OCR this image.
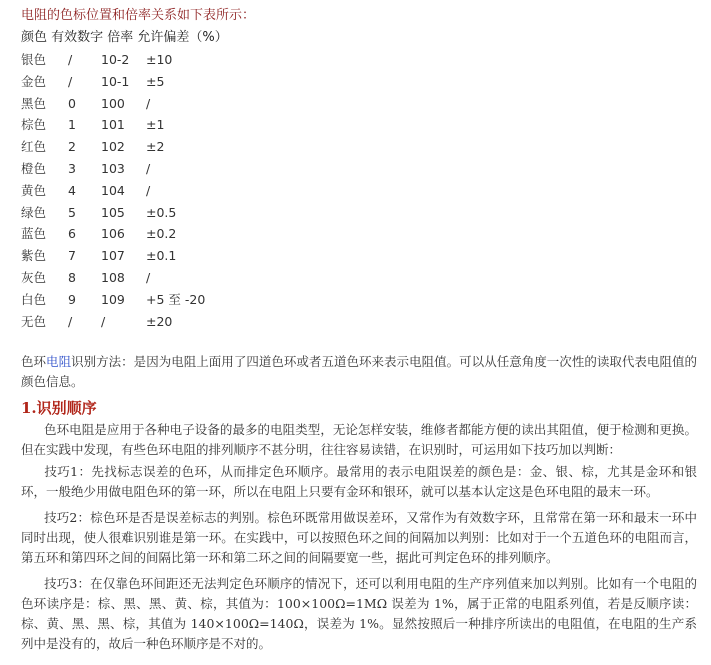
电阻的色标位置和倍率关系如下表所示：
颜色 有效数字 倍率 允许偏差（%）
银色 / 10-2 ±10
金色 / 10-1 ±5
黑色 0 100 /
棕色 1 101 ±1
红色 2 102 ±2
橙色 3 103 /
黄色 4 104 /
绿色 5 105 ±0.5
蓝色 6 106 ±0.2
紫色 7 107 ±0.1
灰色 8 108 /
白色 9 109 +5 至 -20
无色 / /	±20
色环电阻识别方法：是因为电阻上面用了四道色环或者五道色环来表示电阻值。可以从任意角度一次性的读取代表电阻值的颜色信息。
1.识别顺序
色环电阻是应用于各种电子设备的最多的电阻类型，无论怎样安装，维修者都能方便的读出其阻值，便于检测和更换。但在实践中发现，有些色环电阻的排列顺序不甚分明，往往容易读错，在识别时，可运用如下技巧加以判断：
技巧1：先找标志误差的色环，从而排定色环顺序。最常用的表示电阻误差的颜色是：金、银、棕，尤其是金环和银环，一般绝少用做电阻色环的第一环，所以在电阻上只要有金环和银环，就可以基本认定这是色环电阻的最末一环。
技巧2：棕色环是否是误差标志的判别。棕色环既常用做误差环，又常作为有效数字环，且常常在第一环和最末一环中同时出现，使人很难识别谁是第一环。在实践中，可以按照色环之间的间隔加以判别：比如对于一个五道色环的电阻而言，第五环和第四环之间的间隔比第一环和第二环之间的间隔要宽一些，据此可判定色环的排列顺序。
技巧3：在仅靠色环间距还无法判定色环顺序的情况下，还可以利用电阻的生产序列值来加以判别。比如有一个电阻的色环读序是：棕、黑、黑、黄、棕，其值为：100×100Ω=1MΩ 误差为 1%，属于正常的电阻系列值，若是反顺序读：棕、黄、黑、黑、棕，其值为 140×100Ω=140Ω，误差为 1%。显然按照后一种排序所读出的电阻值，在电阻的生产系列中是没有的，故后一种色环顺序是不对的。
